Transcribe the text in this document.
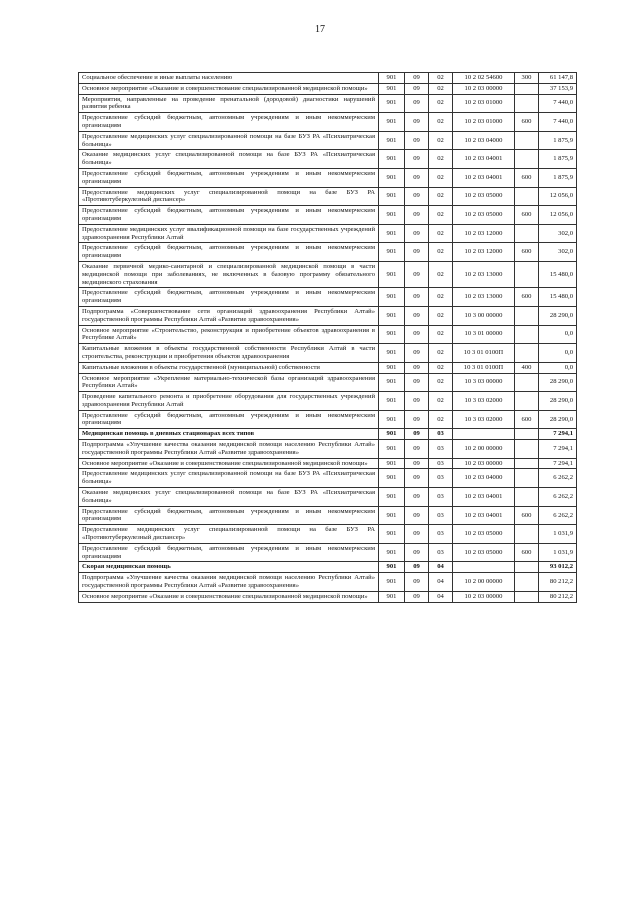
17
Социальное обеспечение и иные выплаты населению	901	09	02	10 2 02 54600	300	61 147,8
Основное мероприятие «Оказание и совершенствование специализированной медицинской помощи»	901	09	02	10 2 03 00000		37 153,9
Мероприятия, направленные на проведение пренатальной (дородовой) диагностики нарушений развития ребенка	901	09	02	10 2 03 01000		7 440,0
Предоставление субсидий бюджетным, автономным учреждениям и иным некоммерческим организациям	901	09	02	10 2 03 01000	600	7 440,0
Предоставление медицинских услуг специализированной помощи на базе БУЗ РА «Психиатрическая больница»	901	09	02	10 2 03 04000		1 875,9
Оказание медицинских услуг специализированной помощи на базе БУЗ РА «Психиатрическая больница»	901	09	02	10 2 03 04001		1 875,9
Предоставление субсидий бюджетным, автономным учреждениям и иным некоммерческим организациям	901	09	02	10 2 03 04001	600	1 875,9
Предоставление медицинских услуг специализированной помощи на базе БУЗ РА «Противотуберкулезный диспансер»	901	09	02	10 2 03 05000		12 056,0
Предоставление субсидий бюджетным, автономным учреждениям и иным некоммерческим организациям	901	09	02	10 2 03 05000	600	12 056,0
Предоставление медицинских услуг ввалификационной помощи на базе государственных учреждений здравоохранения Республики Алтай	901	09	02	10 2 03 12000		302,0
Предоставление субсидий бюджетным, автономным учреждениям и иным некоммерческим организациям	901	09	02	10 2 03 12000	600	302,0
Оказание первичной медико-санитарной и специализированной медицинской помощи в части медицинской помощи при заболеваниях, не включенных в базовую программу обязательного медицинского страхования	901	09	02	10 2 03 13000		15 480,0
Предоставление субсидий бюджетным, автономным учреждениям и иным некоммерческим организациям	901	09	02	10 2 03 13000	600	15 480,0
Подпрограмма «Совершенствование сети организаций здравоохранения Республики Алтай» государственной программы Республики Алтай «Развитие здравоохранения»	901	09	02	10 3 00 00000		28 290,0
Основное мероприятие «Строительство, реконструкция и приобретение объектов здравоохранения в Республике Алтай»	901	09	02	10 3 01 00000		0,0
Капитальные вложения в объекты государственной собственности Республики Алтай в части строительства, реконструкции и приобретения объектов здравоохранения	901	09	02	10 3 01 0100П		0,0
Капитальные вложения в объекты государственной (муниципальной) собственности	901	09	02	10 3 01 0100П	400	0,0
Основное мероприятие «Укрепление материально-технической базы организаций здравоохранения Республики Алтай»	901	09	02	10 3 03 00000		28 290,0
Проведение капитального ремонта и приобретение оборудования для государственных учреждений здравоохранения Республики Алтай	901	09	02	10 3 03 02000		28 290,0
Предоставление субсидий бюджетным, автономным учреждениям и иным некоммерческим организациям	901	09	02	10 3 03 02000	600	28 290,0
Медицинская помощь в дневных стационарах всех типов	901	09	03			7 294,1
Подпрограмма «Улучшение качества оказания медицинской помощи населению Республики Алтай» государственной программы Республики Алтай «Развитие здравоохранения»	901	09	03	10 2 00 00000		7 294,1
Основное мероприятие «Оказание и совершенствование специализированной медицинской помощи»	901	09	03	10 2 03 00000		7 294,1
Предоставление медицинских услуг специализированной помощи на базе БУЗ РА «Психиатрическая больница»	901	09	03	10 2 03 04000		6 262,2
Оказание медицинских услуг специализированной помощи на базе БУЗ РА «Психиатрическая больница»	901	09	03	10 2 03 04001		6 262,2
Предоставление субсидий бюджетным, автономным учреждениям и иным некоммерческим организациям	901	09	03	10 2 03 04001	600	6 262,2
Предоставление медицинских услуг специализированной помощи на базе БУЗ РА «Противотуберкулезный диспансер»	901	09	03	10 2 03 05000		1 031,9
Предоставление субсидий бюджетным, автономным учреждениям и иным некоммерческим организациям	901	09	03	10 2 03 05000	600	1 031,9
Скорая медицинская помощь	901	09	04			93 012,2
Подпрограмма «Улучшение качества оказания медицинской помощи населению Республики Алтай» государственной программы Республики Алтай «Развитие здравоохранения»	901	09	04	10 2 00 00000		80 212,2
Основное мероприятие «Оказание и совершенствование специализированной медицинской помощи»	901	09	04	10 2 03 00000		80 212,2
